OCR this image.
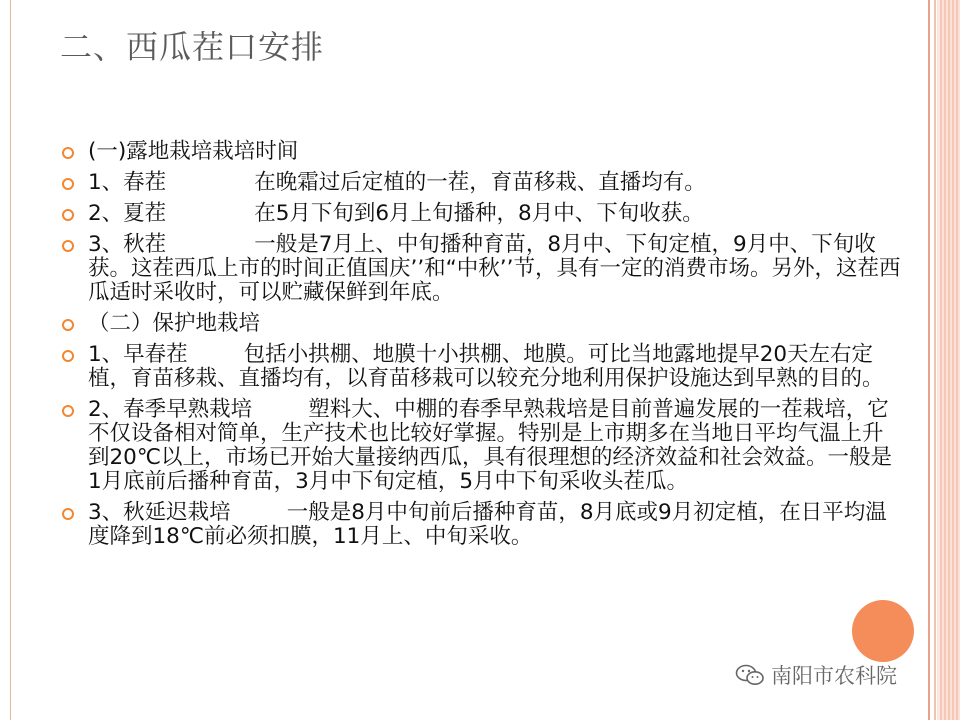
二、西瓜茬口安排
(一)露地栽培栽培时间
1、春茬	在晚霜过后定植的一茬，育苗移栽、直播均有。
2、夏茬	在5月下旬到6月上旬播种，8月中、下旬收获。
3、秋茬	一般是7月上、中旬播种育苗，8月中、下旬定植，9月中、下旬收获。这茬西瓜上市的时间正值国庆’’和“中秋’’节，具有一定的消费市场。另外，这茬西瓜适时采收时，可以贮藏保鲜到年底。
（二）保护地栽培
1、早春茬	包括小拱棚、地膜十小拱棚、地膜。可比当地露地提早20天左右定植，育苗移栽、直播均有，以育苗移栽可以较充分地利用保护设施达到早熟的目的。
2、春季早熟栽培	塑料大、中棚的春季早熟栽培是目前普遍发展的一茬栽培，它不仅设备相对简单，生产技术也比较好掌握。特别是上市期多在当地日平均气温上升到20℃以上，市场已开始大量接纳西瓜，具有很理想的经济效益和社会效益。一般是1月底前后播种育苗，3月中下旬定植，5月中下旬采收头茬瓜。
3、秋延迟栽培	一般是8月中旬前后播种育苗，8月底或9月初定植，在日平均温度降到18℃前必须扣膜，11月上、中旬采收。
南阳市农科院
